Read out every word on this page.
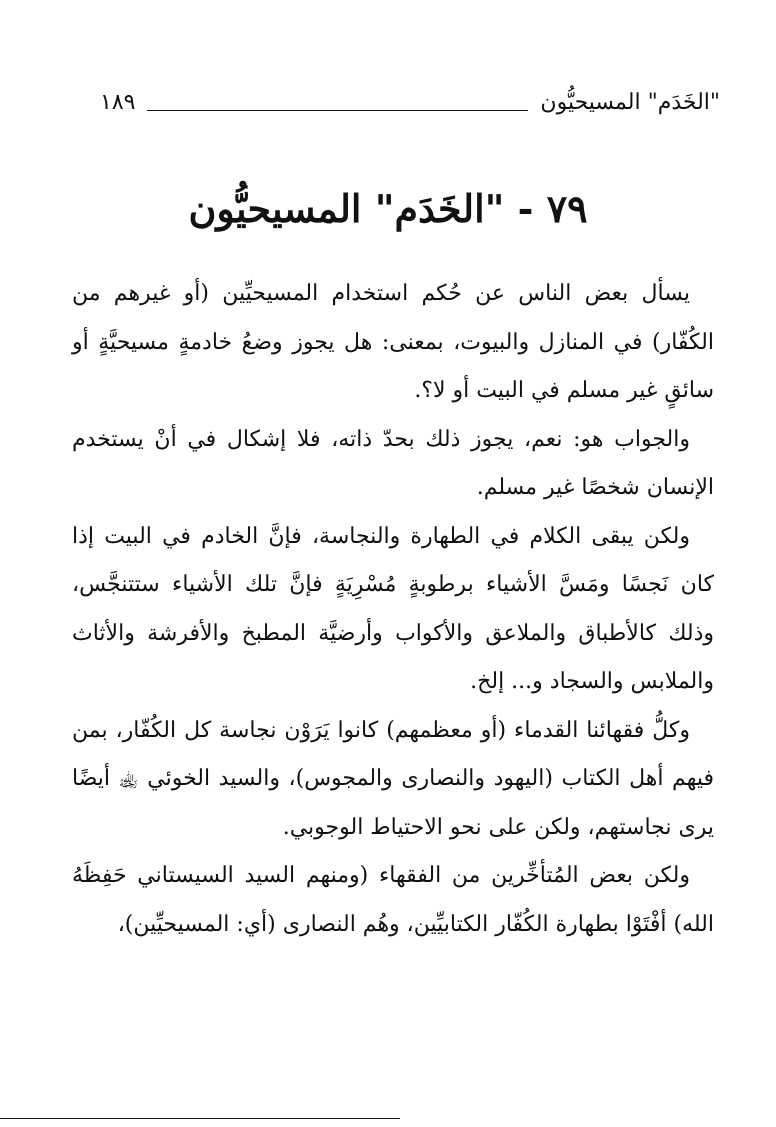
"الخَدَم" المسيحيُّون
١٨٩
٧٩ - "الخَدَم" المسيحيُّون

يسأل بعض الناس عن حُكم استخدام المسيحيِّين (أو غيرهم من الكُفّار) في المنازل والبيوت، بمعنى: هل يجوز وضعُ خادمةٍ مسيحيَّةٍ أو سائقٍ غير مسلم في البيت أو لا؟.

والجواب هو: نعم، يجوز ذلك بحدّ ذاته، فلا إشكال في أنْ يستخدم الإنسان شخصًا غير مسلم.

ولكن يبقى الكلام في الطهارة والنجاسة، فإنَّ الخادم في البيت إذا كان نَجسًا ومَسَّ الأشياء برطوبةٍ مُسْرِيَةٍ فإنَّ تلك الأشياء ستتنجَّس، وذلك كالأطباق والملاعق والأكواب وأرضيَّة المطبخ والأفرشة والأثاث والملابس والسجاد و... إلخ.

وكلُّ فقهائنا القدماء (أو معظمهم) كانوا يَرَوْن نجاسة كل الكُفّار، بمن فيهم أهل الكتاب (اليهود والنصارى والمجوس)، والسيد الخوئي ﵀ أيضًا يرى نجاستهم، ولكن على نحو الاحتياط الوجوبي.

ولكن بعض المُتأخِّرين من الفقهاء (ومنهم السيد السيستاني حَفِظَهُ الله) أفْتَوْا بطهارة الكُفّار الكتابيِّين، وهُم النصارى (أي: المسيحيِّين)،
